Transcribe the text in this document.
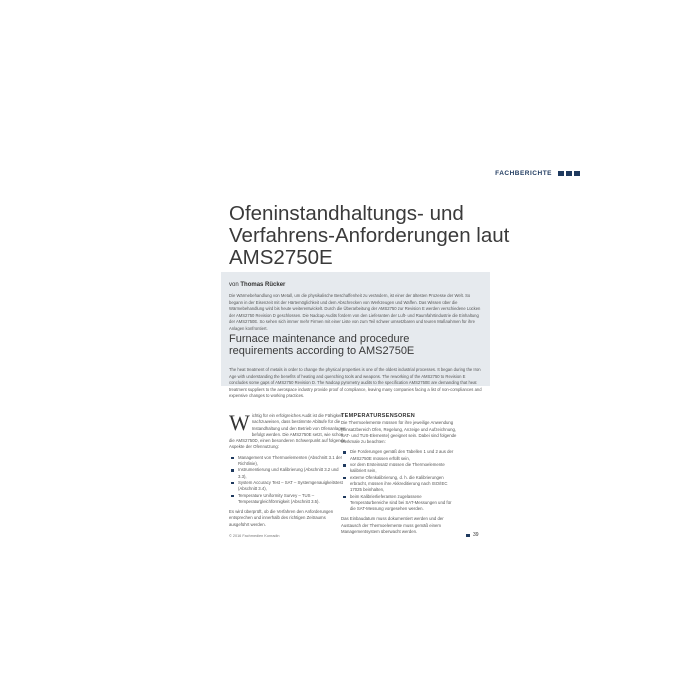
FACHBERICHTE
Ofeninstandhaltungs- und Verfahrens-Anforderungen laut AMS2750E
von Thomas Rücker
Die Wärmebehandlung von Metall, um die physikalische Beschaffenheit zu verändern, ist einer der ältesten Prozesse der Welt. So begann in der Eisenzeit mit der Härtemöglichkeit und dem Abschrecken von Werkzeugen und Waffen. Das Wissen über die Wärmebehandlung wird bis heute weiterentwickelt. Durch die Überarbeitung der AMS2750 zur Revision E werden verschiedene Lücken der AMS2750 Revision D geschlossen. Die Nadcap Audits fordern von den Lieferanten der Luft- und Raumfahrtindustrie die Einhaltung der AMS2750E. So sehen sich immer mehr Firmen mit einer Liste von zum Teil schwer umsetzbaren und teuren Maßnahmen für ihre Anlagen konfrontiert.
Furnace maintenance and procedure requirements according to AMS2750E
The heat treatment of metals in order to change the physical properties is one of the oldest industrial processes. It began during the Iron Age with understanding the benefits of heating and quenching tools and weapons. The reworking of the AMS2750 to Revision E concludes some gaps of AMS2750 Revision D. The Nadcap pyrometry audits to the specification AMS2750E are demanding that heat treatment suppliers to the aerospace industry provide proof of compliance, leaving many companies facing a list of non-compliances and expensive changes to working practices.

W ichtig für ein erfolgreiches Audit ist die Fähigkeit nachzuweisen, dass bestimmte Abläufe für die Instandhaltung und den Betrieb von Ofenanlagen befolgt werden. Die AMS2750E setzt, wie schon die AMS2750D, einen besonderen Schwerpunkt auf folgende Aspekte der Ofennutzung:

Management von Thermoelementen (Abschnitt 3.1 der Richtlinie),
Instrumentierung und Kalibrierung (Abschnitt 3.2 und 3.3),
System Accuracy Test – SAT – Systemgenauigkeitstest (Abschnitt 3.4),
Temperature Uniformity Survey – TUS – Temperaturgleichförmigkeit (Abschnitt 3.5).

Es wird überprüft, ob die Verfahren den Anforderungen entsprechen und innerhalb des richtigen Zeitraums ausgeführt werden.

TEMPERATURSENSOREN

Die Thermoelemente müssen für ihre jeweilige Anwendung (Einsatzbereich Ofen, Regelung, Anzeige und Aufzeichnung, SAT- und TUS-Elemente) geeignet sein. Dabei sind folgende Merkmale zu beachten:

Die Forderungen gemäß den Tabellen 1 und 2 aus der AMS2750E müssen erfüllt sein,
vor dem Ersteinsatz müssen die Thermoelemente kalibriert sein,
externe Ofenkalibrierung, d. h. die Kalibrierungen erbracht, müssen ihre Akkreditierung nach ISO/IEC 17025 beinhalten,
beim Kalibrierlieferanten zugelassene Temperaturbereiche sind bei SAT-Messungen und für die SAT-Messung vorgesehen werden.

Das Einbaudatum muss dokumentiert werden und der Austausch der Thermoelemente muss gemäß einem Managementsystem überwacht werden.

© 2016 Fachmedien Konradin	39
